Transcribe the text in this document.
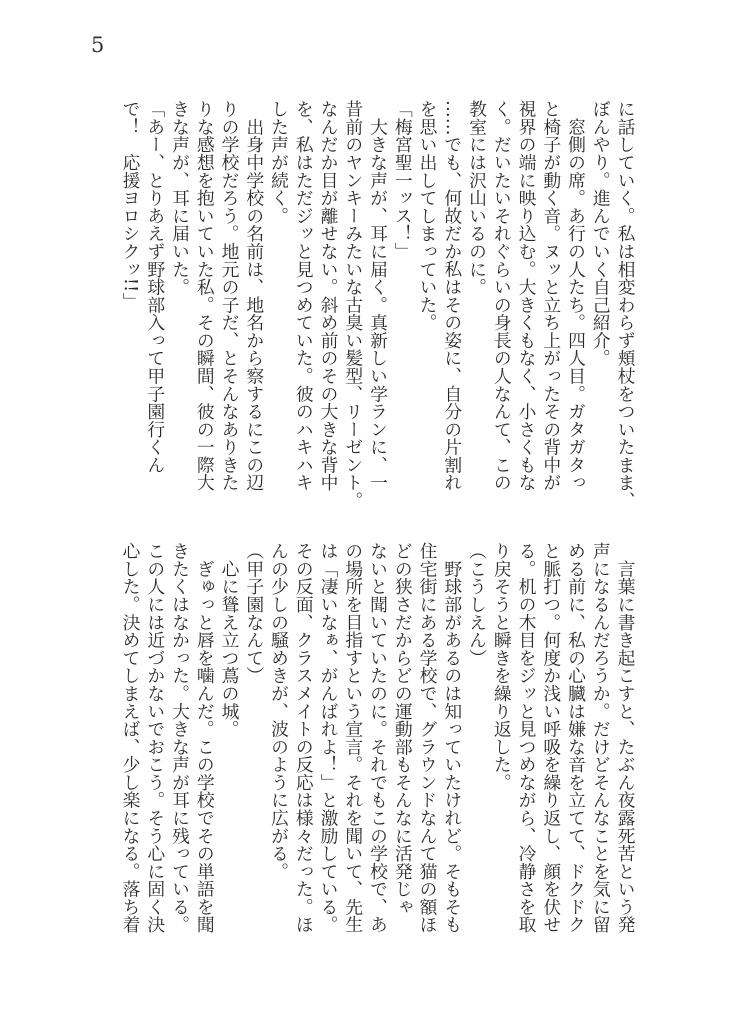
5
に話していく。私は相変わらず頬杖をついたまま、
ぼんやり。進んでいく自己紹介。
　窓側の席。あ行の人たち。四人目。ガタガタっ
と椅子が動く音。ヌッと立ち上がったその背中が
視界の端に映り込む。大きくもなく、小さくもな
く。だいたいそれぐらいの身長の人なんて、この
教室には沢山いるのに。
……でも、何故だか私はその姿に、自分の片割れ
を思い出してしまっていた。
「梅宮聖一ッス！」
　大きな声が、耳に届く。真新しい学ランに、一
昔前のヤンキーみたいな古臭い髪型、リーゼント。
なんだか目が離せない。斜め前のその大きな背中
を、私はただジッと見つめていた。彼のハキハキ
した声が続く。
　出身中学校の名前は、地名から察するにこの辺
りの学校だろう。地元の子だ、とそんなありきた
りな感想を抱いていた私。その瞬間、彼の一際大
きな声が、耳に届いた。
「あー、とりあえず野球部入って甲子園行くん
で！　応援ヨロシクッ!!」
　言葉に書き起こすと、たぶん夜露死苦という発
声になるんだろうか。だけどそんなことを気に留
める前に、私の心臓は嫌な音を立てて、ドクドク
と脈打つ。何度か浅い呼吸を繰り返し、顔を伏せ
る。机の木目をジッと見つめながら、冷静さを取
り戻そうと瞬きを繰り返した。
（こうしえん）
　野球部があるのは知っていたけれど。そもそも
住宅街にある学校で、グラウンドなんて猫の額ほ
どの狭さだからどの運動部もそんなに活発じゃ
ないと聞いていたのに。それでもこの学校で、あ
の場所を目指すという宣言。それを聞いて、先生
は「凄いなぁ、がんばれよ！」と激励している。
その反面、クラスメイトの反応は様々だった。ほ
んの少しの騒めきが、波のように広がる。
（甲子園なんて）
　心に聳え立つ蔦の城。
　ぎゅっと唇を噛んだ。この学校でその単語を聞
きたくはなかった。大きな声が耳に残っている。
この人には近づかないでおこう。そう心に固く決
心した。決めてしまえば、少し楽になる。落ち着
